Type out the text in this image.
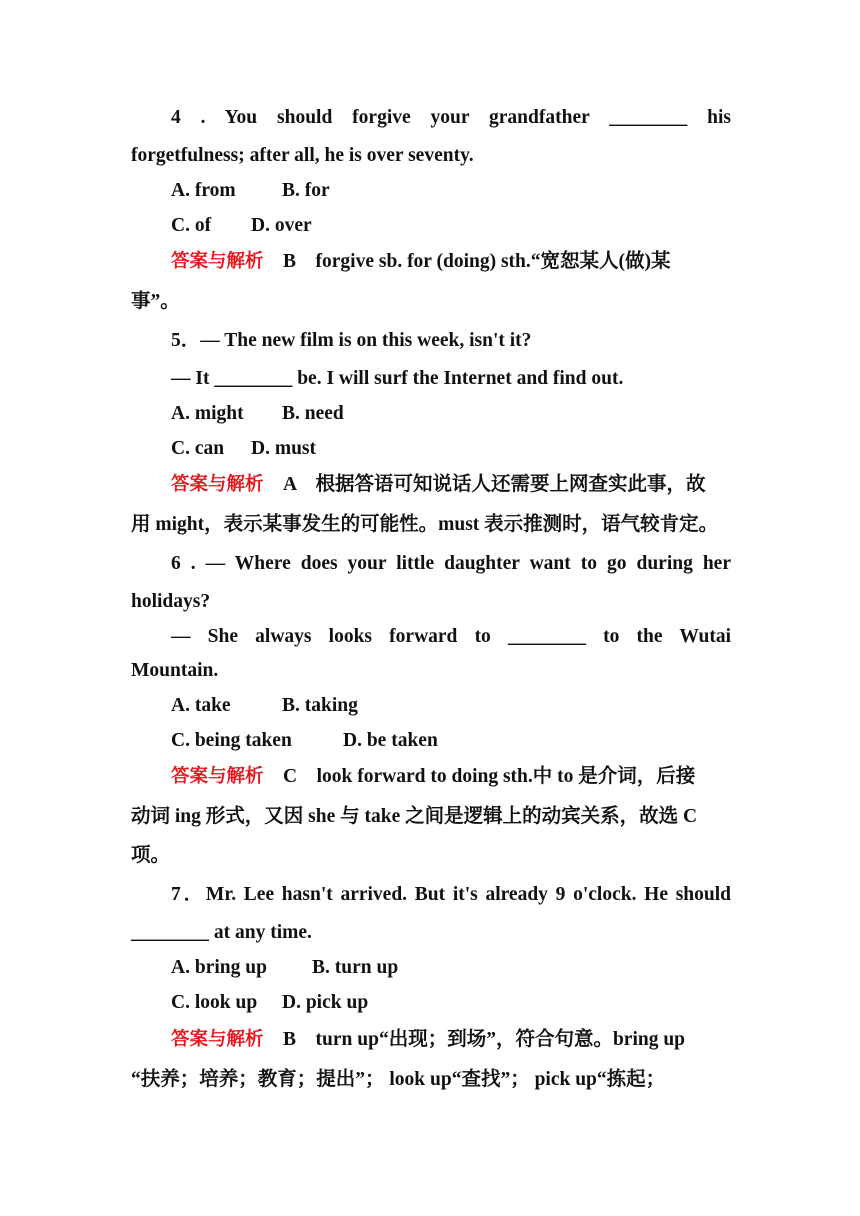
4 . You should forgive your grandfather ________ his
forgetfulness; after all, he is over seventy.
A. from B. for
C. of D. over
答案与解析　 B　forgive sb. for (doing) sth.“宽恕某人(做)某
事”。
5．— The new film is on this week, isn't it?
— It ________ be. I will surf the Internet and find out.
A. might B. need
C. can D. must
答案与解析　 A　根据答语可知说话人还需要上网查实此事，故
用 might，表示某事发生的可能性。must 表示推测时，语气较肯定。
6 . — Where does your little daughter want to go during her
holidays?
— She always looks forward to ________ to the Wutai
Mountain.
A. take	B. taking
C. being taken	D. be taken
答案与解析　 C　look forward to doing sth.中 to 是介词，后接
动词 ing 形式，又因 she 与 take 之间是逻辑上的动宾关系，故选 C
项。
7．Mr. Lee hasn't arrived. But it's already 9 o'clock. He should
________ at any time.
A. bring up B. turn up
C. look up D. pick up
答案与解析　 B　turn up“出现；到场”，符合句意。bring up
“扶养；培养；教育；提出”； look up“查找”； pick up“拣起；
